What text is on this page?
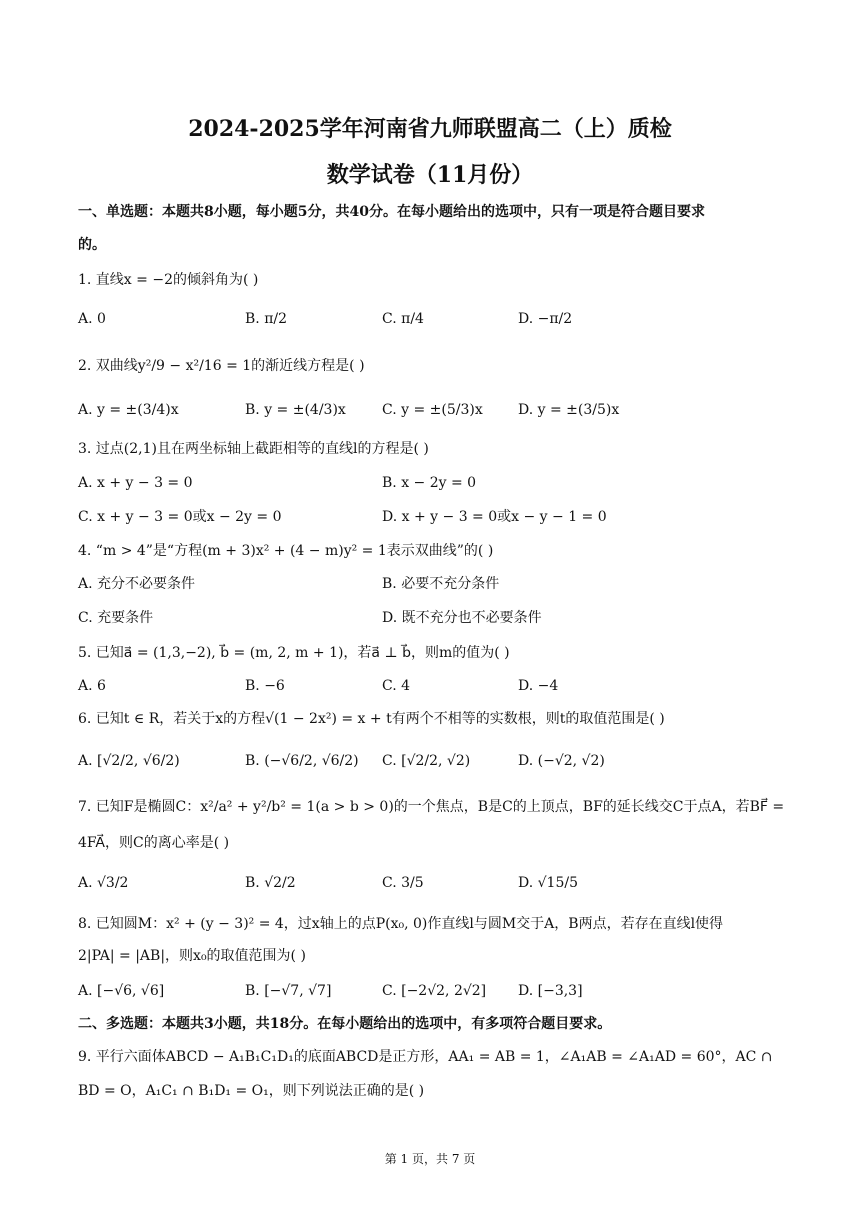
2024-2025学年河南省九师联盟高二（上）质检
数学试卷（11月份）
一、单选题：本题共8小题，每小题5分，共40分。在每小题给出的选项中，只有一项是符合题目要求
的。
1. 直线x = −2的倾斜角为( )
A. 0	B. π/2	C. π/4	D. −π/2
2. 双曲线y²/9 − x²/16 = 1的渐近线方程是( )
A. y = ±(3/4)x	B. y = ±(4/3)x	C. y = ±(5/3)x	D. y = ±(3/5)x
3. 过点(2,1)且在两坐标轴上截距相等的直线l的方程是( )
A. x + y − 3 = 0	B. x − 2y = 0
C. x + y − 3 = 0或x − 2y = 0	D. x + y − 3 = 0或x − y − 1 = 0
4. “m > 4”是“方程(m + 3)x² + (4 − m)y² = 1表示双曲线”的( )
A. 充分不必要条件	B. 必要不充分条件
C. 充要条件	D. 既不充分也不必要条件
5. 已知a⃗ = (1,3,−2), b⃗ = (m, 2, m + 1)，若a⃗ ⊥ b⃗，则m的值为( )
A. 6	B. −6	C. 4	D. −4
6. 已知t ∈ R，若关于x的方程√(1 − 2x²) = x + t有两个不相等的实数根，则t的取值范围是( )
A. [√2/2, √6/2)	B. (−√6/2, √6/2) C. [√2/2, √2)	D. (−√2, √2)
7. 已知F是椭圆C：x²/a² + y²/b² = 1(a > b > 0)的一个焦点，B是C的上顶点，BF的延长线交C于点A，若BF⃗ =
4FA⃗，则C的离心率是( )
A. √3/2	B. √2/2	C. 3/5	D. √15/5
8. 已知圆M：x² + (y − 3)² = 4，过x轴上的点P(x₀, 0)作直线l与圆M交于A，B两点，若存在直线l使得
2|PA| = |AB|，则x₀的取值范围为( )
A. [−√6, √6]	B. [−√7, √7]	C. [−2√2, 2√2] D. [−3,3]
二、多选题：本题共3小题，共18分。在每小题给出的选项中，有多项符合题目要求。
9. 平行六面体ABCD − A₁B₁C₁D₁的底面ABCD是正方形，AA₁ = AB = 1，∠A₁AB = ∠A₁AD = 60°，AC ∩
BD = O，A₁C₁ ∩ B₁D₁ = O₁，则下列说法正确的是( )
第 1 页，共 7 页
